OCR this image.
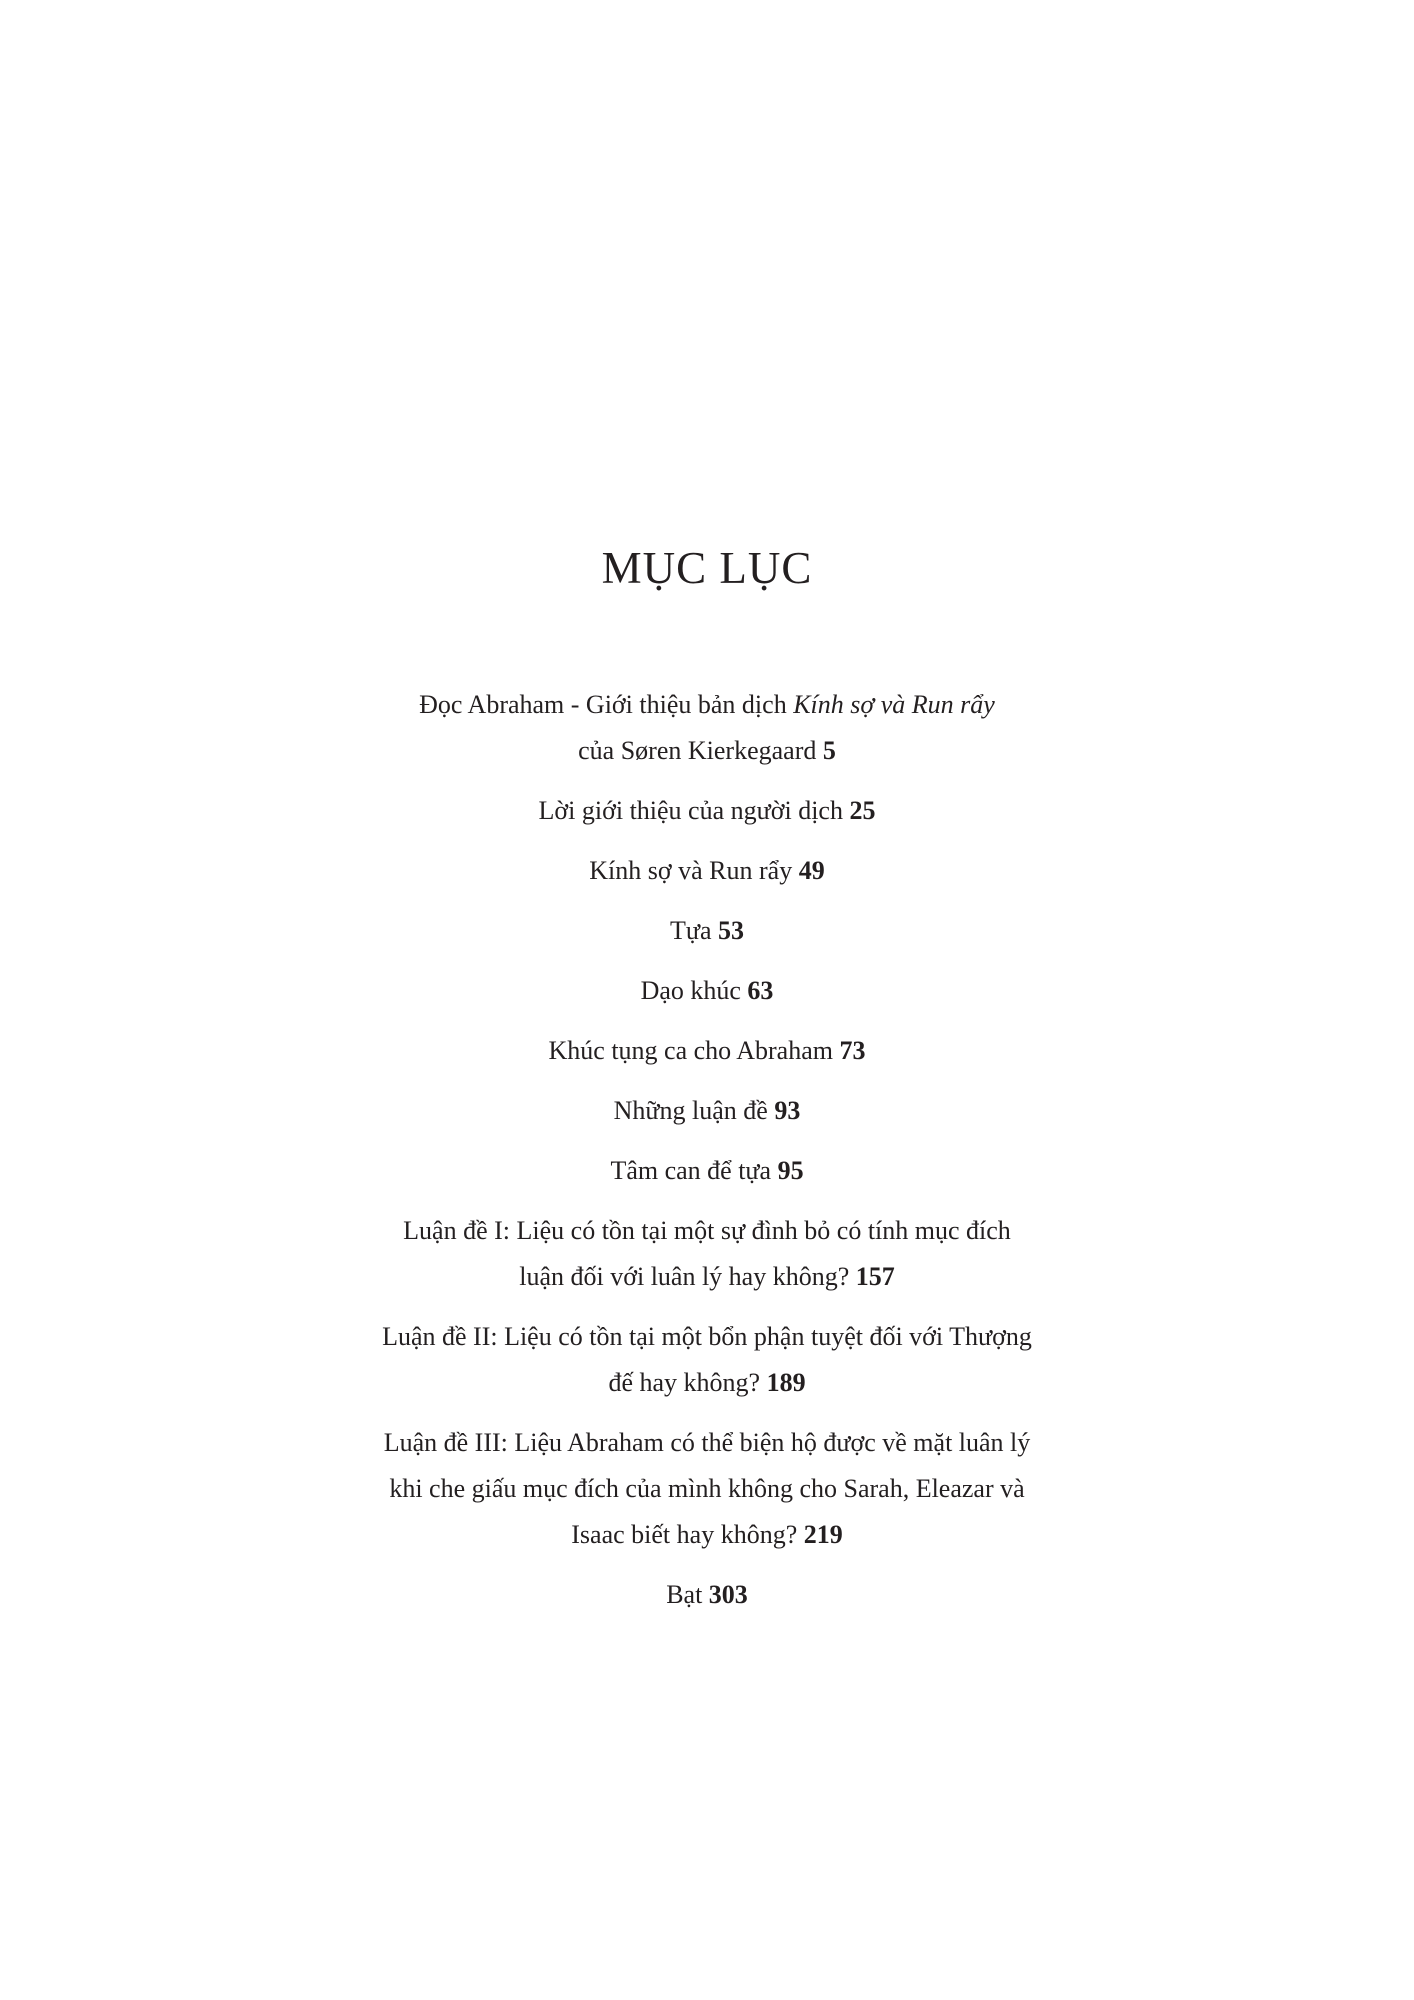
MỤC LỤC
Đọc Abraham - Giới thiệu bản dịch Kính sợ và Run rẩy
của Søren Kierkegaard 5
Lời giới thiệu của người dịch 25
Kính sợ và Run rẩy 49
Tựa 53
Dạo khúc 63
Khúc tụng ca cho Abraham 73
Những luận đề 93
Tâm can để tựa 95
Luận đề I: Liệu có tồn tại một sự đình bỏ có tính mục đích
luận đối với luân lý hay không? 157
Luận đề II: Liệu có tồn tại một bổn phận tuyệt đối với Thượng
đế hay không? 189
Luận đề III: Liệu Abraham có thể biện hộ được về mặt luân lý
khi che giấu mục đích của mình không cho Sarah, Eleazar và
Isaac biết hay không? 219
Bạt 303
